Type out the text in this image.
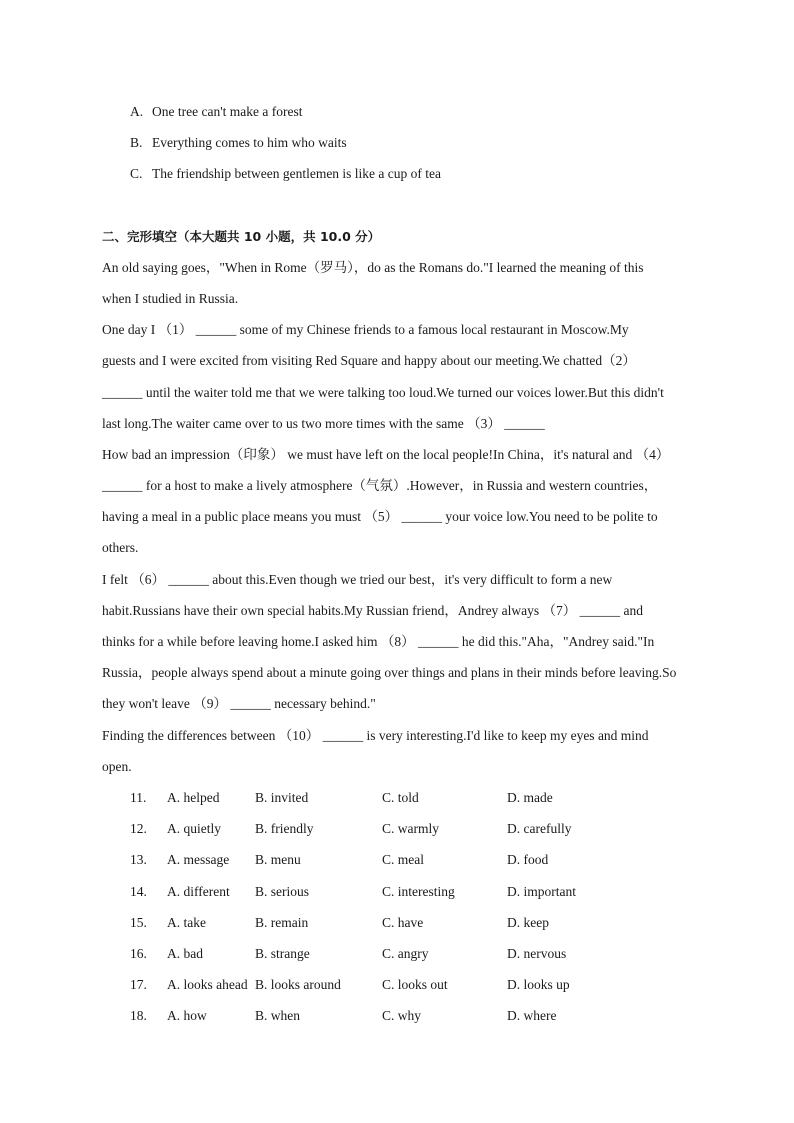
A. One tree can't make a forest
B. Everything comes to him who waits
C. The friendship between gentlemen is like a cup of tea
二、完形填空（本大题共 10 小题，共 10.0 分）
An old saying goes，"When in Rome（罗马），do as the Romans do."I learned the meaning of this
when I studied in Russia.
One day I （1） ______ some of my Chinese friends to a famous local restaurant in Moscow.My
guests and I were excited from visiting Red Square and happy about our meeting.We chatted（2）
______ until the waiter told me that we were talking too loud.We turned our voices lower.But this didn't
last long.The waiter came over to us two more times with the same （3） ______
How bad an impression（印象） we must have left on the local people!In China，it's natural and （4）
______ for a host to make a lively atmosphere（气氛）.However，in Russia and western countries，
having a meal in a public place means you must （5） ______ your voice low.You need to be polite to
others.
I felt （6） ______ about this.Even though we tried our best，it's very difficult to form a new
habit.Russians have their own special habits.My Russian friend，Andrey always （7） ______ and
thinks for a while before leaving home.I asked him （8） ______ he did this."Aha，"Andrey said."In
Russia，people always spend about a minute going over things and plans in their minds before leaving.So
they won't leave （9） ______ necessary behind."
Finding the differences between （10） ______ is very interesting.I'd like to keep my eyes and mind
open.
11. A. helped	B. invited	C. told	D. made
12. A. quietly	B. friendly	C. warmly	D. carefully
13. A. message B. menu	C. meal	D. food
14. A. different B. serious	C. interesting	D. important
15. A. take	B. remain	C. have	D. keep
16. A. bad	B. strange	C. angry	D. nervous
17. A. looks ahead B. looks around	C. looks out	D. looks up
18. A. how	B. when	C. why	D. where
